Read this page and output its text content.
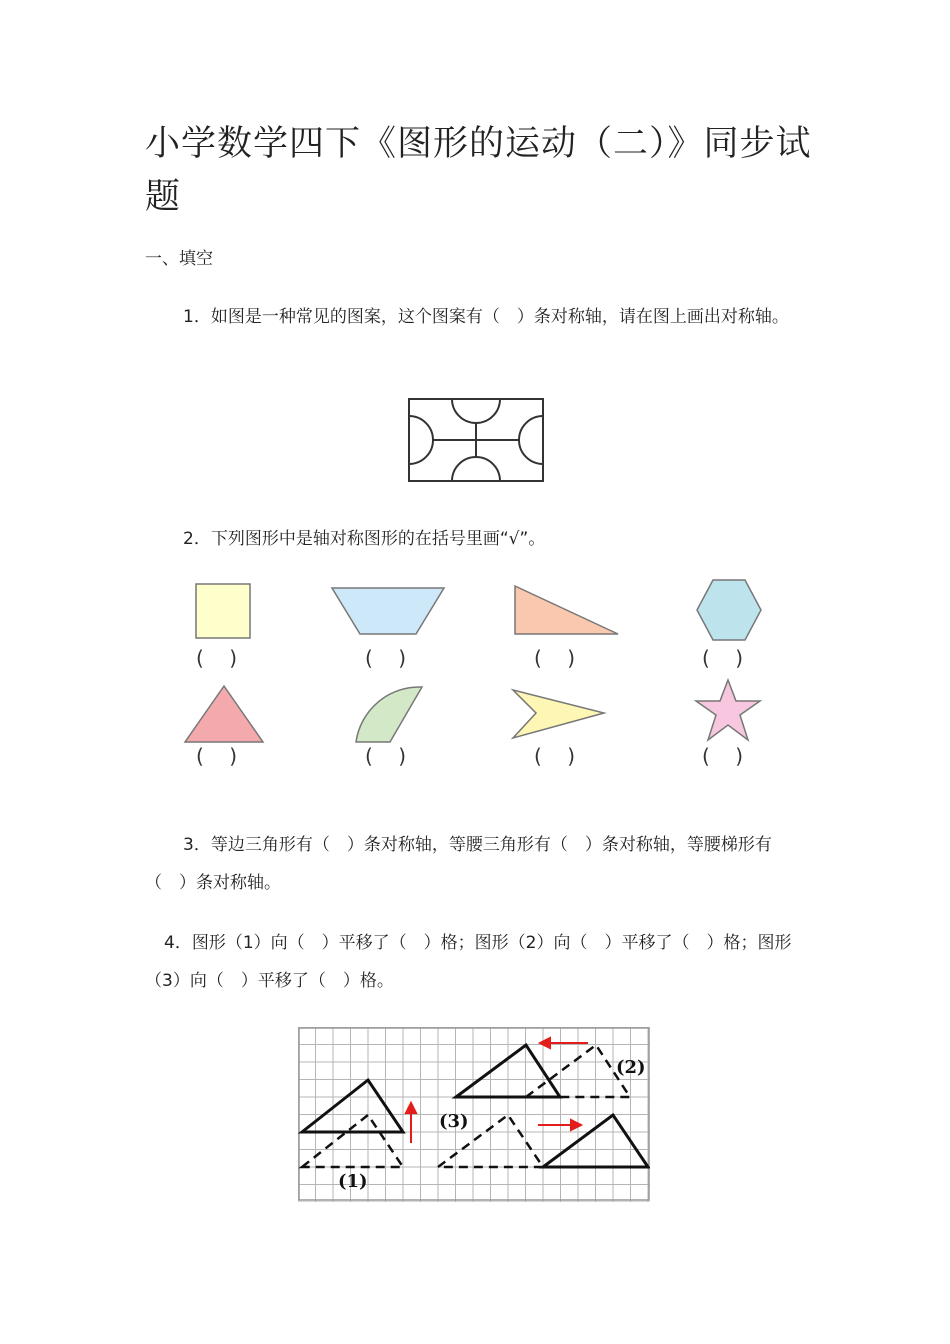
小学数学四下《图形的运动（二）》同步试题
一、填空

1．如图是一种常见的图案，这个图案有（　）条对称轴，请在图上画出对称轴。

2．下列图形中是轴对称图形的在括号里画“√”。

(    )	(    )	(    )	(    )
(    )	(    )	(    )	(    )

3．等边三角形有（　）条对称轴，等腰三角形有（　）条对称轴，等腰梯形有（　）条对称轴。

4．图形（1）向（　）平移了（　）格；图形（2）向（　）平移了（　）格；图形（3）向（　）平移了（　）格。

(1)
(2)
(3)
